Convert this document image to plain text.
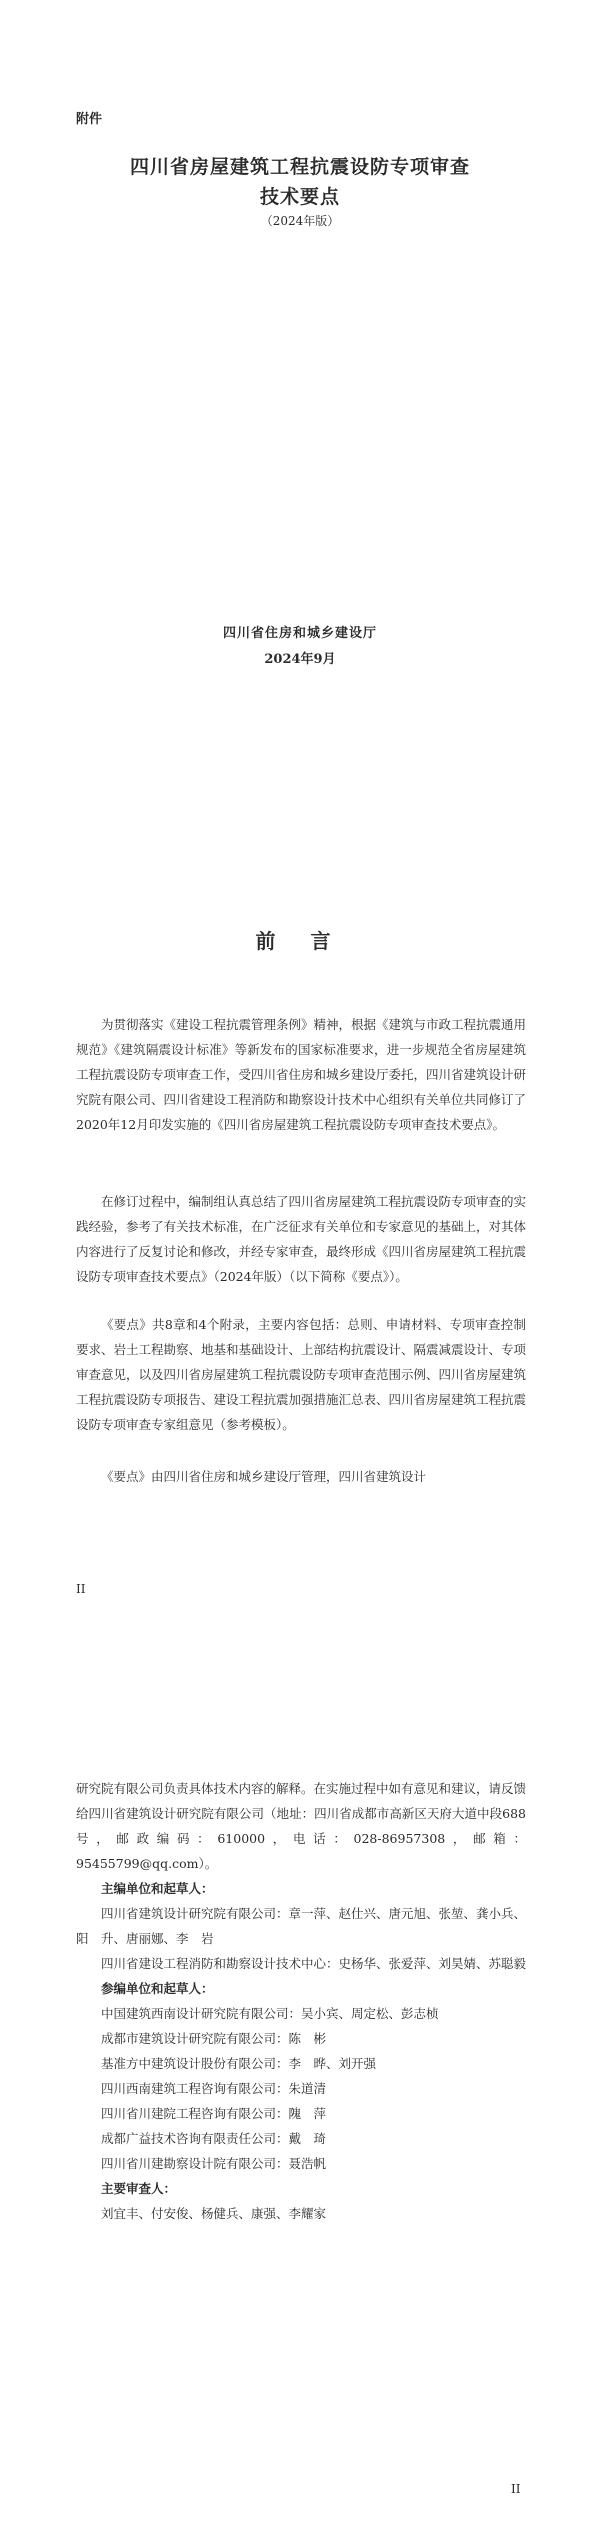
附件
四川省房屋建筑工程抗震设防专项审查
技术要点
（2024年版）
四川省住房和城乡建设厅
2024年9月
前 言

为贯彻落实《建设工程抗震管理条例》精神，根据《建筑与市政工程抗震通用规范》《建筑隔震设计标准》等新发布的国家标准要求，进一步规范全省房屋建筑工程抗震设防专项审查工作，受四川省住房和城乡建设厅委托，四川省建筑设计研究院有限公司、四川省建设工程消防和勘察设计技术中心组织有关单位共同修订了2020年12月印发实施的《四川省房屋建筑工程抗震设防专项审查技术要点》。

在修订过程中，编制组认真总结了四川省房屋建筑工程抗震设防专项审查的实践经验，参考了有关技术标准，在广泛征求有关单位和专家意见的基础上，对其体内容进行了反复讨论和修改，并经专家审查，最终形成《四川省房屋建筑工程抗震设防专项审查技术要点》（2024年版）（以下简称《要点》）。

《要点》共8章和4个附录，主要内容包括：总则、申请材料、专项审查控制要求、岩土工程勘察、地基和基础设计、上部结构抗震设计、隔震减震设计、专项审查意见，以及四川省房屋建筑工程抗震设防专项审查范围示例、四川省房屋建筑工程抗震设防专项报告、建设工程抗震加强措施汇总表、四川省房屋建筑工程抗震设防专项审查专家组意见（参考模板）。

《要点》由四川省住房和城乡建设厅管理，四川省建筑设计

II

研究院有限公司负责具体技术内容的解释。在实施过程中如有意见和建议，请反馈给四川省建筑设计研究院有限公司（地址：四川省成都市高新区天府大道中段688号，邮政编码：610000，电话：028-86957308，邮箱：95455799@qq.com）。

主编单位和起草人：

四川省建筑设计研究院有限公司：章一萍、赵仕兴、唐元旭、张堃、龚小兵、阳　升、唐丽娜、李　岩

四川省建设工程消防和勘察设计技术中心：史杨华、张爱萍、刘昊婧、苏聪毅

参编单位和起草人：

中国建筑西南设计研究院有限公司：吴小宾、周定松、彭志桢

成都市建筑设计研究院有限公司：陈　彬

基准方中建筑设计股份有限公司：李　晔、刘开强

四川西南建筑工程咨询有限公司：朱道清

四川省川建院工程咨询有限公司：隗　萍

成都广益技术咨询有限责任公司：戴　琦

四川省川建勘察设计院有限公司：聂浩帆

主要审查人：

刘宜丰、付安俊、杨健兵、康强、李耀家

II
